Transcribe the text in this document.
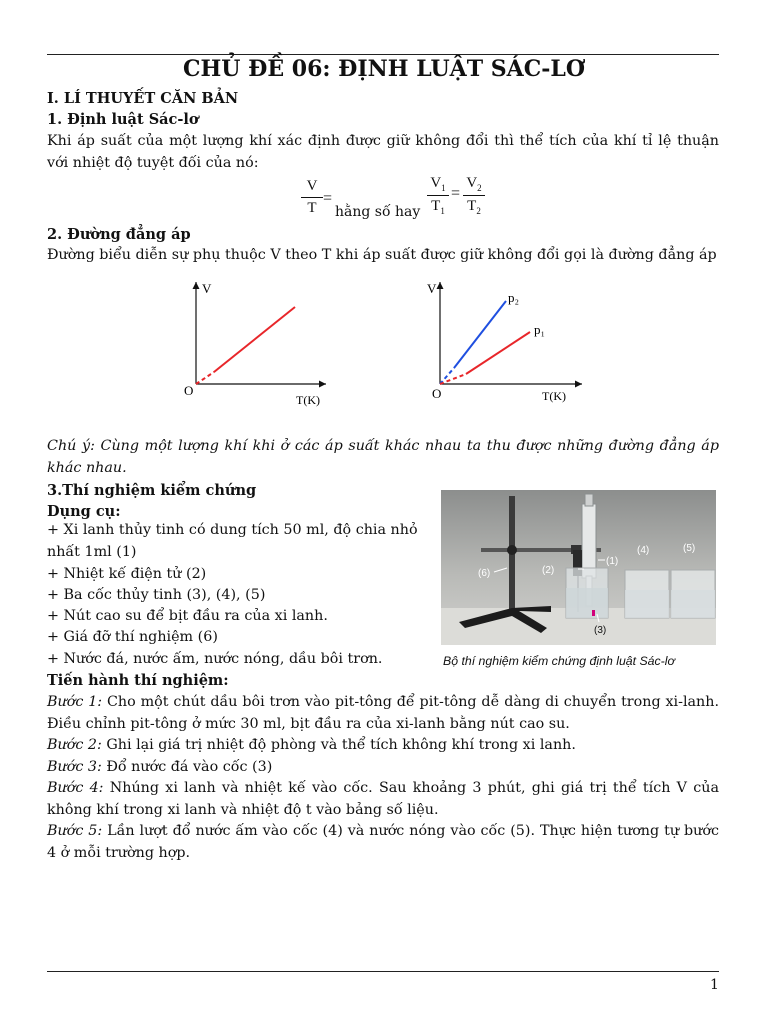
CHỦ ĐỀ 06: ĐỊNH LUẬT SÁC-LƠ
I. LÍ THUYẾT CĂN BẢN
1. Định luật Sác-lơ
Khi áp suất của một lượng khí xác định được giữ không đổi thì thể tích của khí tỉ lệ thuận với nhiệt độ tuyệt đối của nó:
V
T
=
hằng số hay
$V_1$
$T_1$
=
$V_2$
$T_2$
2. Đường đẳng áp
Đường biểu diễn sự phụ thuộc V theo T khi áp suất được giữ không đổi gọi là đường đẳng áp
V
O
T(K)
V
O	T(K)
p₂
p₁
Chú ý: Cùng một lượng khí khi ở các áp suất khác nhau ta thu được những đường đẳng áp khác nhau.
3.Thí nghiệm kiểm chứng
Dụng cụ:
+ Xi lanh thủy tinh có dung tích 50 ml, độ chia nhỏ
nhất 1ml (1)
+ Nhiệt kế điện tử (2)
+ Ba cốc thủy tinh (3), (4), (5)
+ Nút cao su để bịt đầu ra của xi lanh.
+ Giá đỡ thí nghiệm (6)
+ Nước đá, nước ấm, nước nóng, dầu bôi trơn.
(1)
(2)
(3)
(4)	(5)
(6)
Bộ thí nghiệm kiểm chứng định luật Sác-lơ
Tiến hành thí nghiệm:
Bước 1: Cho một chút dầu bôi trơn vào pit-tông để pit-tông dễ dàng di chuyển trong xi-lanh. Điều chỉnh pit-tông ở mức 30 ml, bịt đầu ra của xi-lanh bằng nút cao su.
Bước 2: Ghi lại giá trị nhiệt độ phòng và thể tích không khí trong xi lanh.
Bước 3: Đổ nước đá vào cốc (3)
Bước 4: Nhúng xi lanh và nhiệt kế vào cốc. Sau khoảng 3 phút, ghi giá trị thể tích V của không khí trong xi lanh và nhiệt độ t vào bảng số liệu.
Bước 5: Lần lượt đổ nước ấm vào cốc (4) và nước nóng vào cốc (5). Thực hiện tương tự bước 4 ở mỗi trường hợp.
1
